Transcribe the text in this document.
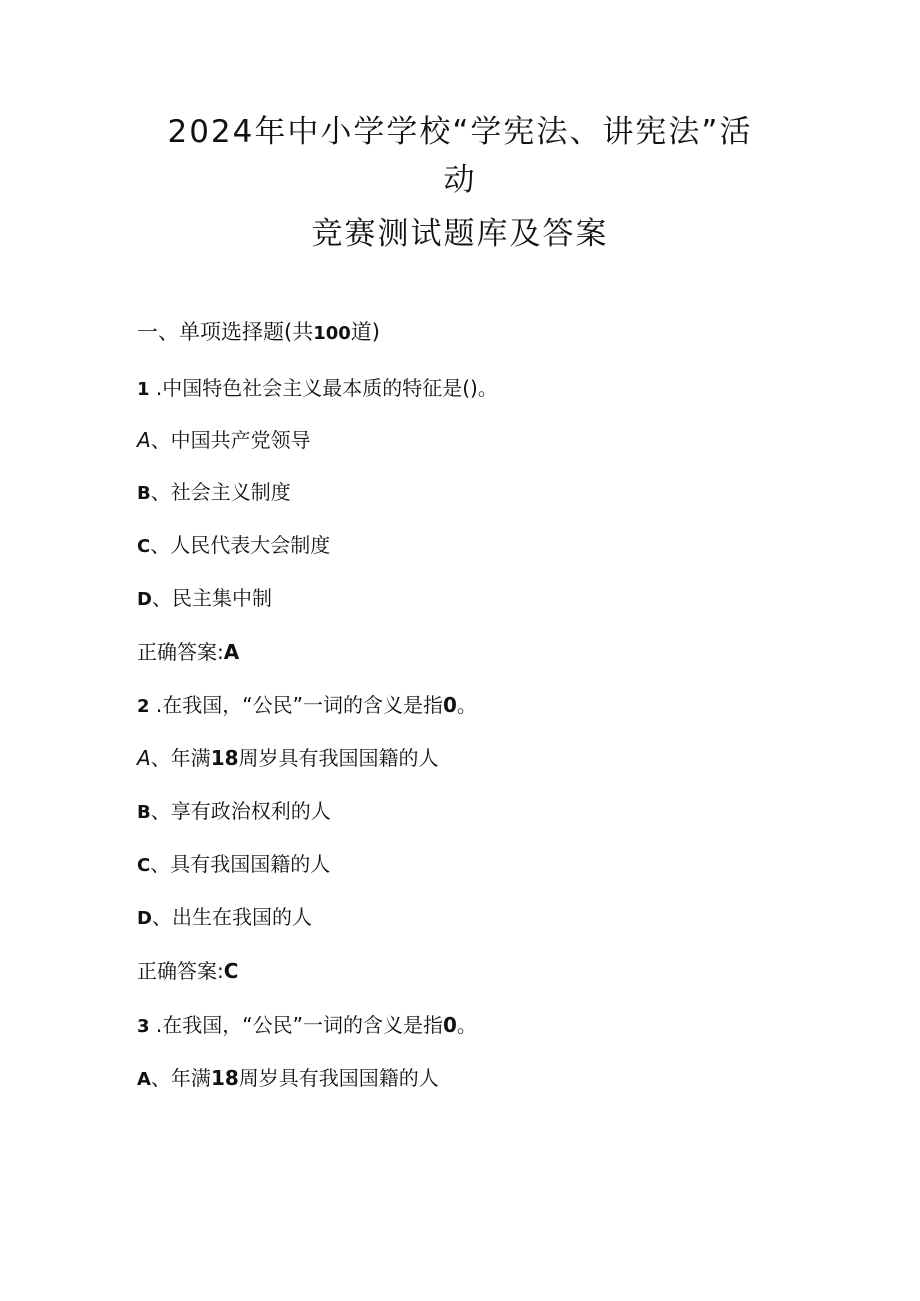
2024年中小学学校“学宪法、讲宪法”活
动
竞赛测试题库及答案

一、单项选择题(共100道)

1 .中国特色社会主义最本质的特征是()。

A、中国共产党领导

B、社会主义制度

C、人民代表大会制度

D、民主集中制

正确答案:A

2 .在我国，“公民”一词的含义是指0。

A、年满18周岁具有我国国籍的人

B、享有政治权利的人

C、具有我国国籍的人

D、出生在我国的人

正确答案:C

3 .在我国，“公民”一词的含义是指0。

A、年满18周岁具有我国国籍的人
